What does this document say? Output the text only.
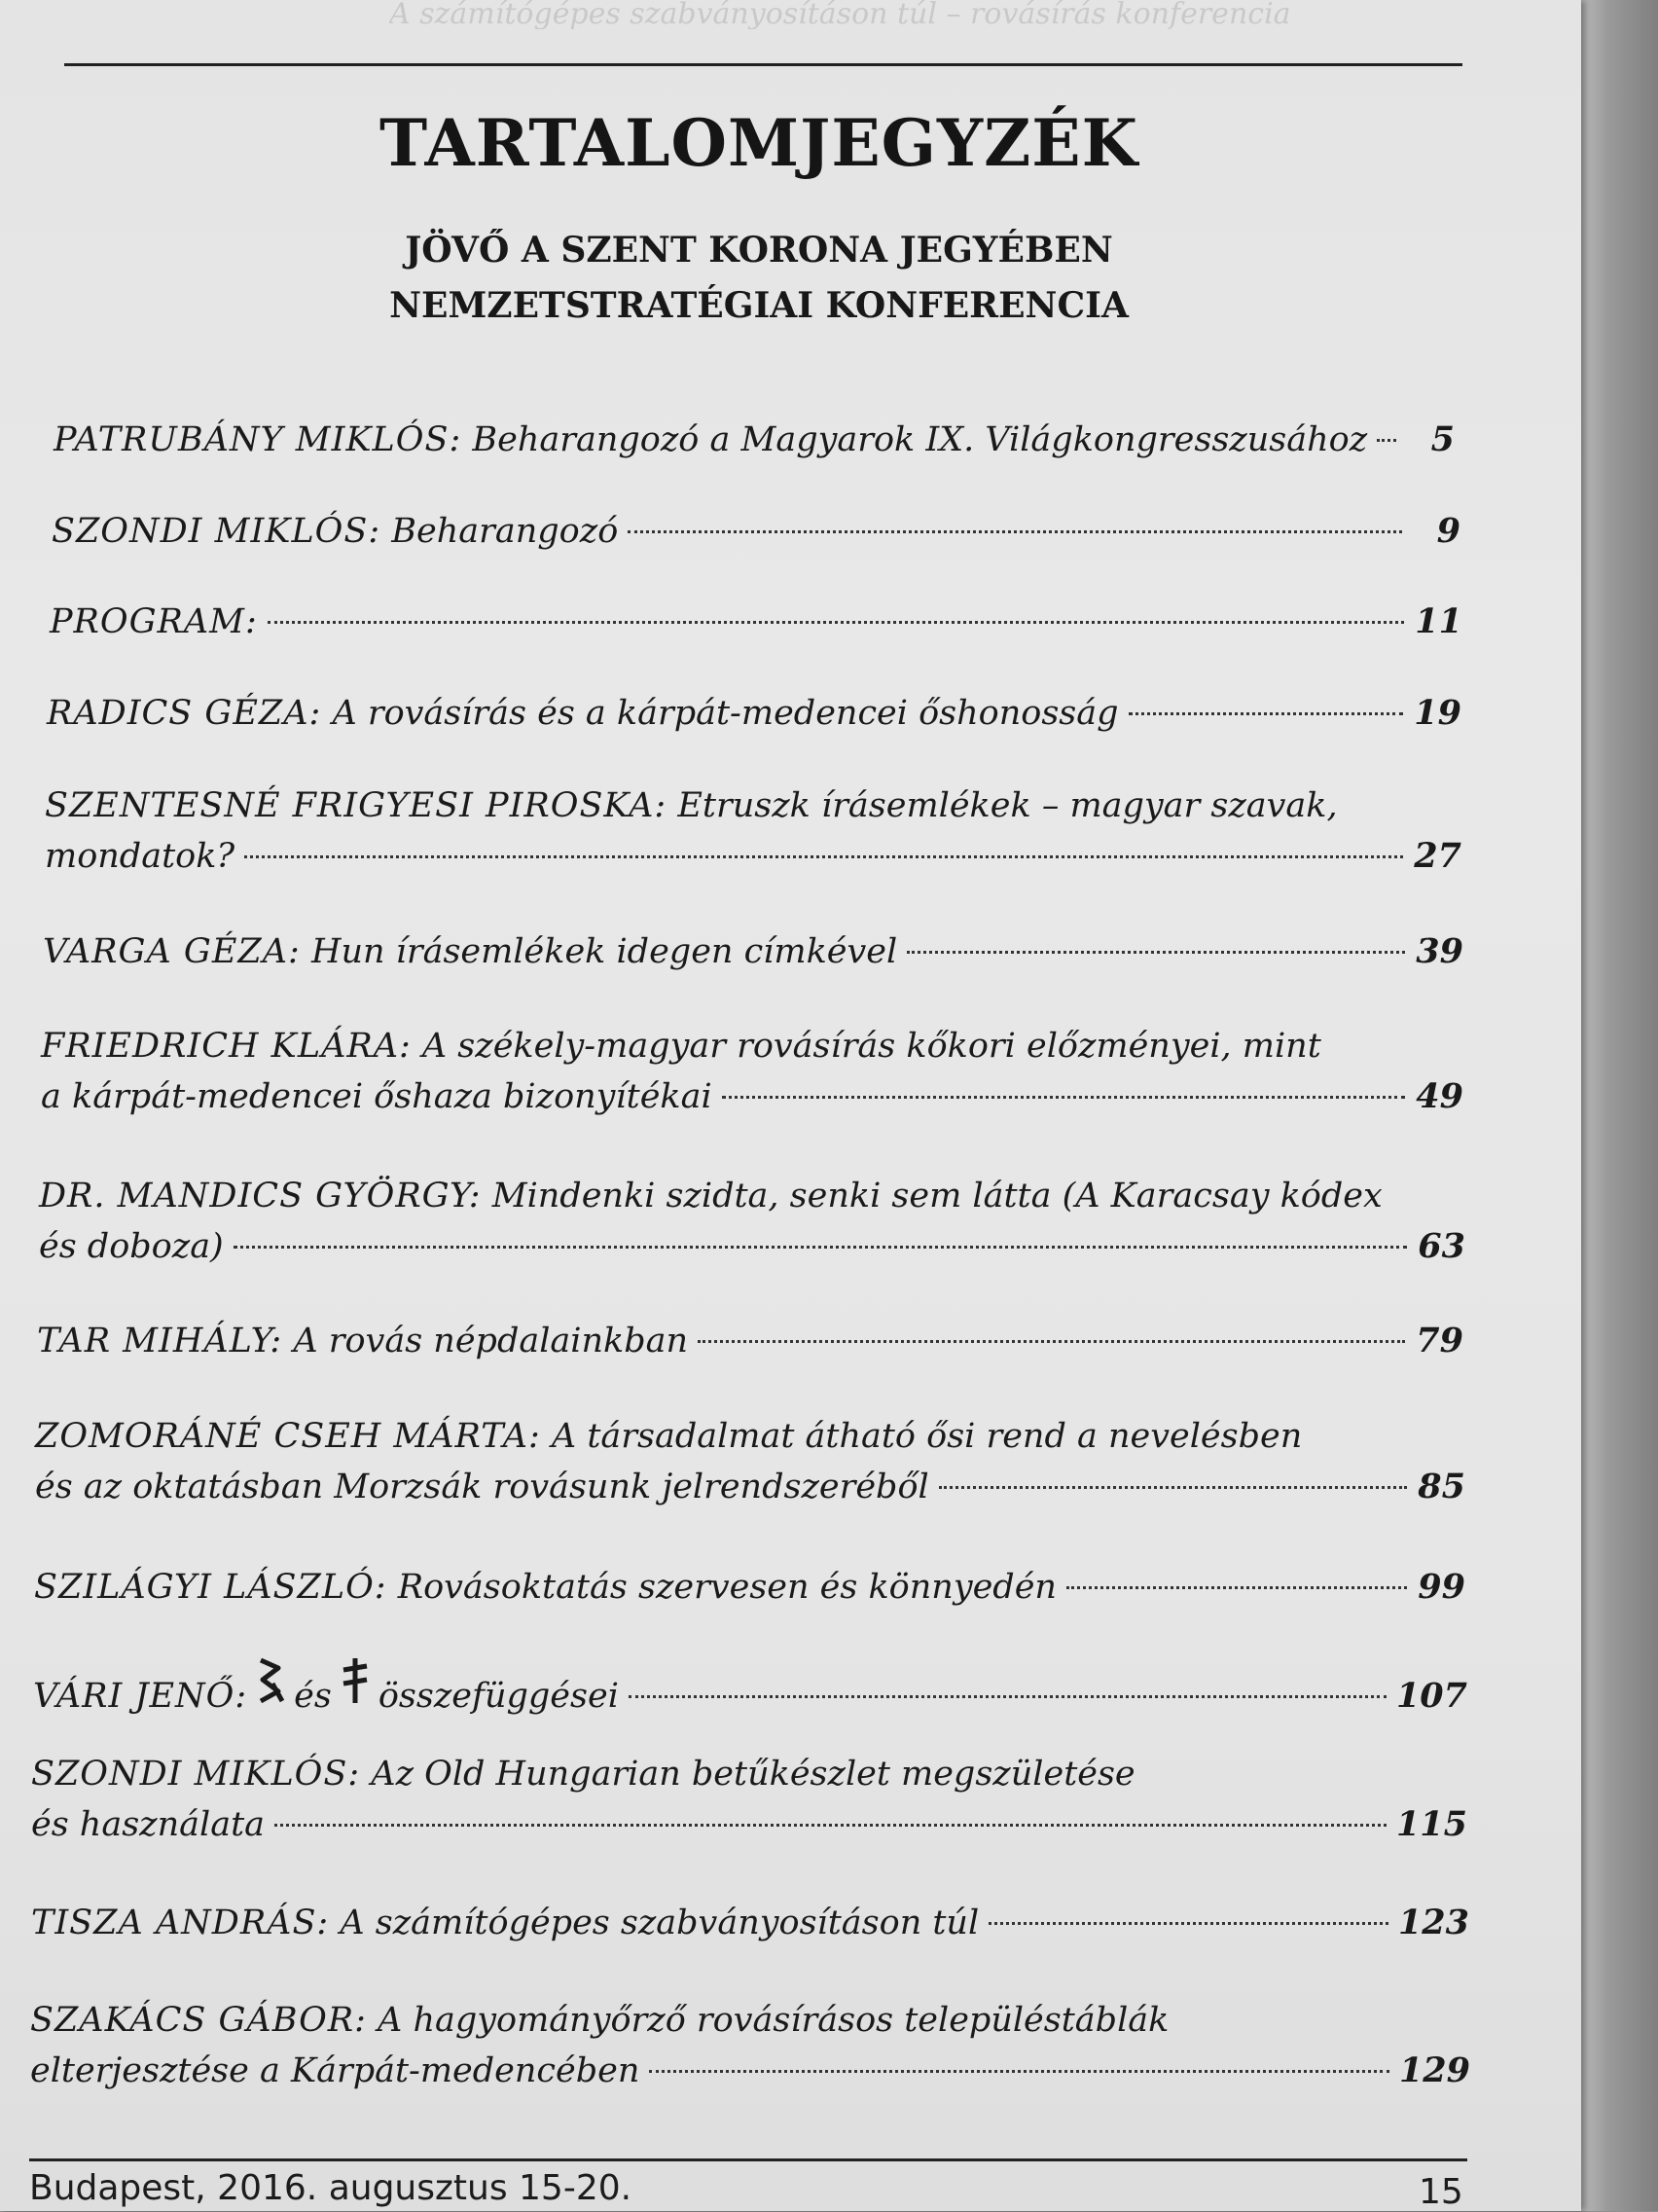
A számítógépes szabványosításon túl – rovásírás konferencia
TARTALOMJEGYZÉK
JÖVŐ A SZENT KORONA JEGYÉBEN
NEMZETSTRATÉGIAI KONFERENCIA
PATRUBÁNY MIKLÓS:
Beharangozó a Magyarok IX. Világkongresszusához	5
SZONDI MIKLÓS:
Beharangozó	9
PROGRAM:	11
RADICS GÉZA:
A rovásírás és a kárpát-medencei őshonosság	19
SZENTESNÉ FRIGYESI PIROSKA:
Etruszk írásemlékek – magyar szavak,
mondatok?	27
VARGA GÉZA:
Hun írásemlékek idegen címkével	39
FRIEDRICH KLÁRA:
A székely-magyar rovásírás kőkori előzményei, mint
a kárpát-medencei őshaza bizonyítékai	49
DR. MANDICS GYÖRGY:
Mindenki szidta, senki sem látta (A Karacsay kódex
és doboza)	63
TAR MIHÁLY:
A rovás népdalainkban	79
ZOMORÁNÉ CSEH MÁRTA:
A társadalmat átható ősi rend a nevelésben
és az oktatásban Morzsák rovásunk jelrendszeréből	85
SZILÁGYI LÁSZLÓ:
Rovásoktatás szervesen és könnyedén	99
VÁRI JENŐ: és összefüggései	107
SZONDI MIKLÓS:
Az Old Hungarian betűkészlet megszületése
és használata	115
TISZA ANDRÁS:
A számítógépes szabványosításon túl	123
SZAKÁCS GÁBOR:
A hagyományőrző rovásírásos településtáblák
elterjesztése a Kárpát-medencében	129
Budapest, 2016. augusztus 15-20.	15
